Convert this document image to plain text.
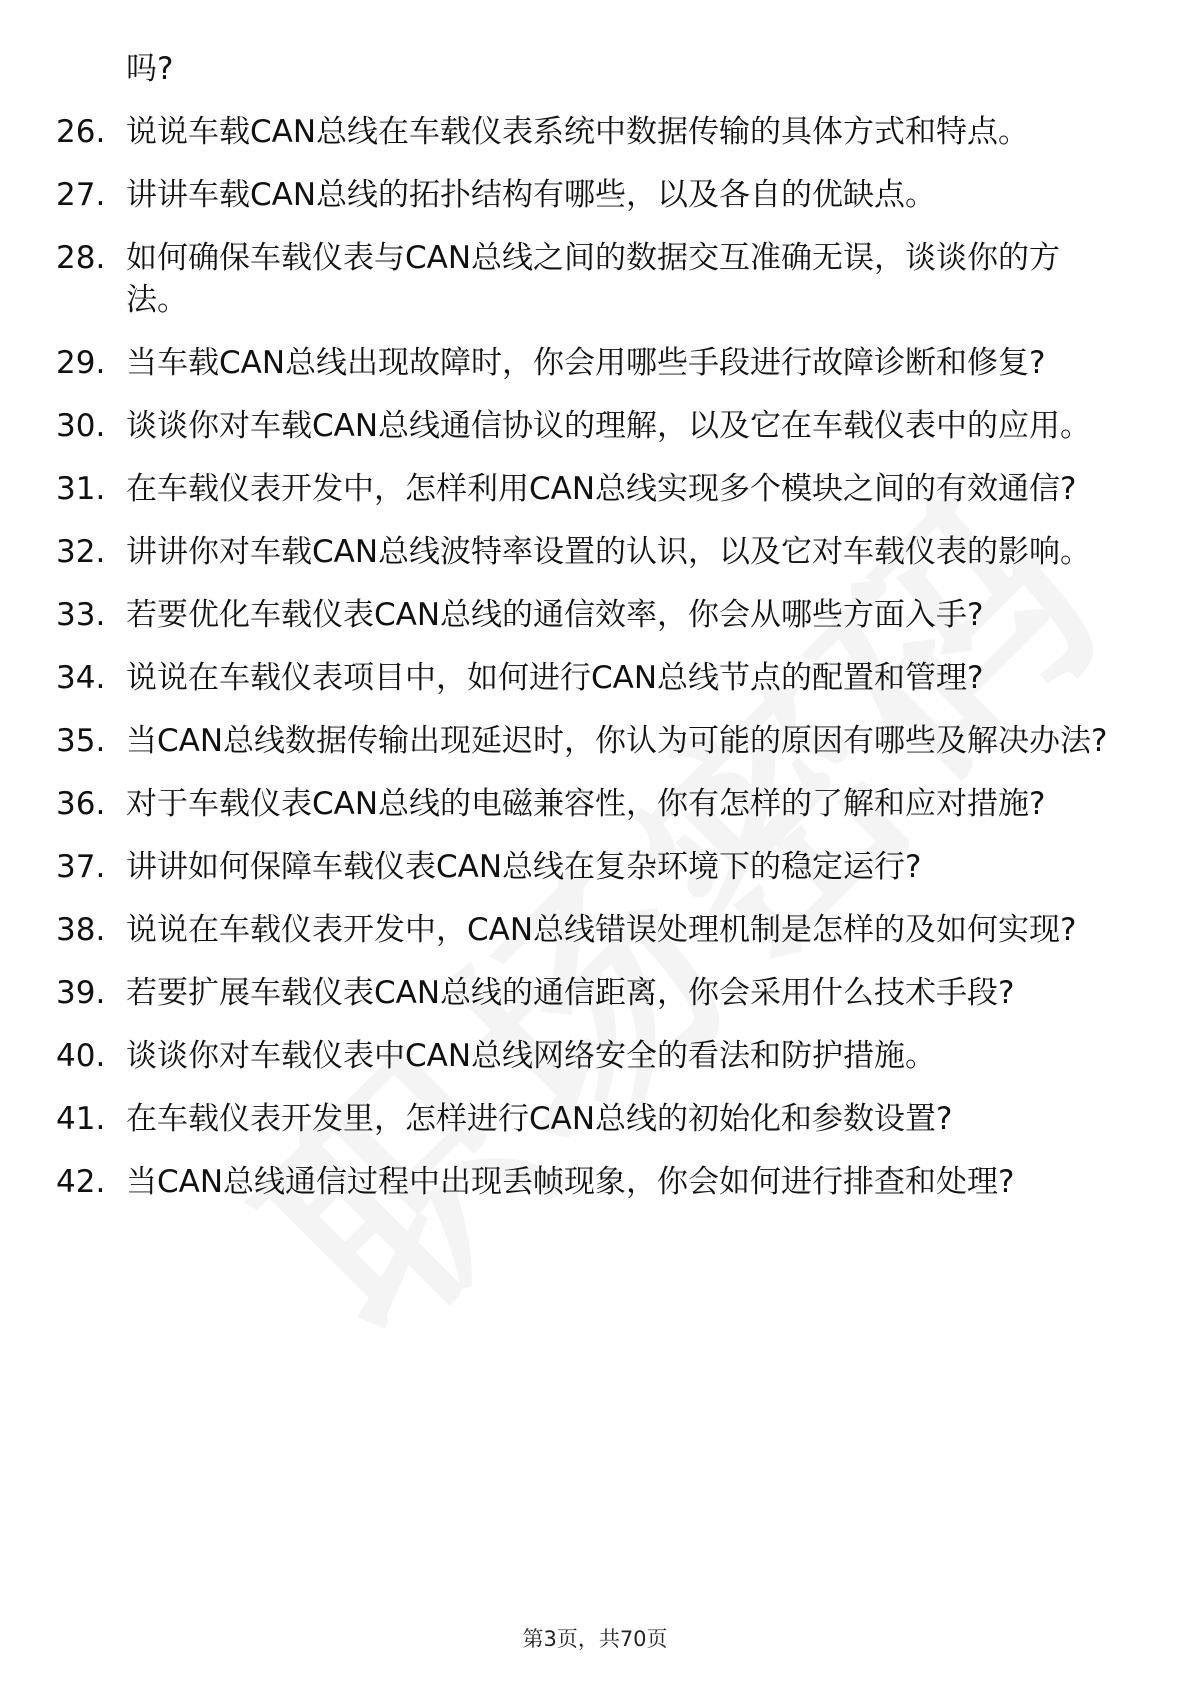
吗?
26. 说说车载CAN总线在车载仪表系统中数据传输的具体方式和特点。
27. 讲讲车载CAN总线的拓扑结构有哪些，以及各自的优缺点。
28. 如何确保车载仪表与CAN总线之间的数据交互准确无误，谈谈你的方法。
29. 当车载CAN总线出现故障时，你会用哪些手段进行故障诊断和修复?
30. 谈谈你对车载CAN总线通信协议的理解，以及它在车载仪表中的应用。
31. 在车载仪表开发中，怎样利用CAN总线实现多个模块之间的有效通信?
32. 讲讲你对车载CAN总线波特率设置的认识，以及它对车载仪表的影响。
33. 若要优化车载仪表CAN总线的通信效率，你会从哪些方面入手?
34. 说说在车载仪表项目中，如何进行CAN总线节点的配置和管理?
35. 当CAN总线数据传输出现延迟时，你认为可能的原因有哪些及解决办法?
36. 对于车载仪表CAN总线的电磁兼容性，你有怎样的了解和应对措施?
37. 讲讲如何保障车载仪表CAN总线在复杂环境下的稳定运行?
38. 说说在车载仪表开发中，CAN总线错误处理机制是怎样的及如何实现?
39. 若要扩展车载仪表CAN总线的通信距离，你会采用什么技术手段?
40. 谈谈你对车载仪表中CAN总线网络安全的看法和防护措施。
41. 在车载仪表开发里，怎样进行CAN总线的初始化和参数设置?
42. 当CAN总线通信过程中出现丢帧现象，你会如何进行排查和处理?
第3页，共70页
